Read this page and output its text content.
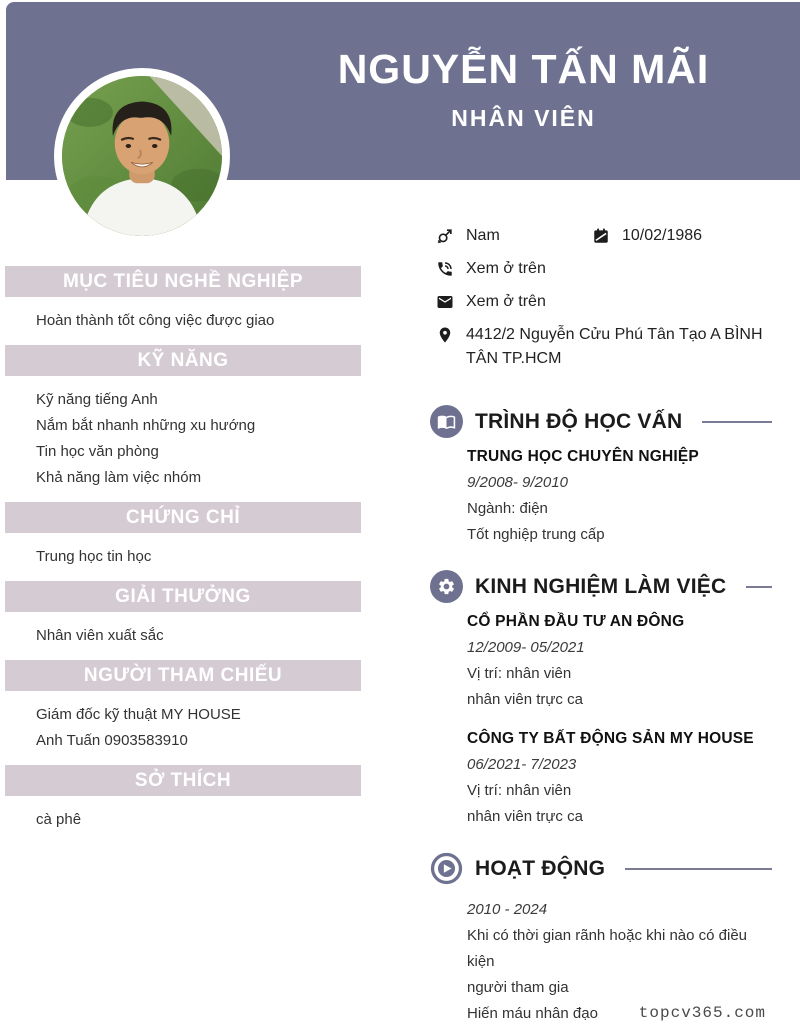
NGUYỄN TẤN MÃI
NHÂN VIÊN
MỤC TIÊU NGHỀ NGHIỆP
Hoàn thành tốt công việc được giao
KỸ NĂNG
Kỹ năng tiếng Anh
Nắm bắt nhanh những xu hướng
Tin học văn phòng
Khả năng làm việc nhóm
CHỨNG CHỈ
Trung học tin học
GIẢI THƯỞNG
Nhân viên xuất sắc
NGƯỜI THAM CHIẾU
Giám đốc kỹ thuật MY HOUSE
Anh Tuấn 0903583910
SỞ THÍCH
cà phê
Nam	10/02/1986
Xem ở trên
Xem ở trên
4412/2 Nguyễn Cửu Phú Tân Tạo A BÌNH TÂN TP.HCM
TRÌNH ĐỘ HỌC VẤN
TRUNG HỌC CHUYÊN NGHIỆP
9/2008- 9/2010
Ngành: điện
Tốt nghiệp trung cấp
KINH NGHIỆM LÀM VIỆC
CỔ PHẦN ĐẦU TƯ AN ĐÔNG
12/2009- 05/2021
Vị trí: nhân viên
nhân viên trực ca
CÔNG TY BẤT ĐỘNG SẢN MY HOUSE
06/2021- 7/2023
Vị trí: nhân viên
nhân viên trực ca
HOẠT ĐỘNG
2010 - 2024
Khi có thời gian rãnh hoặc khi nào có điều kiện
người tham gia
Hiến máu nhân đạo	topcv365.com
